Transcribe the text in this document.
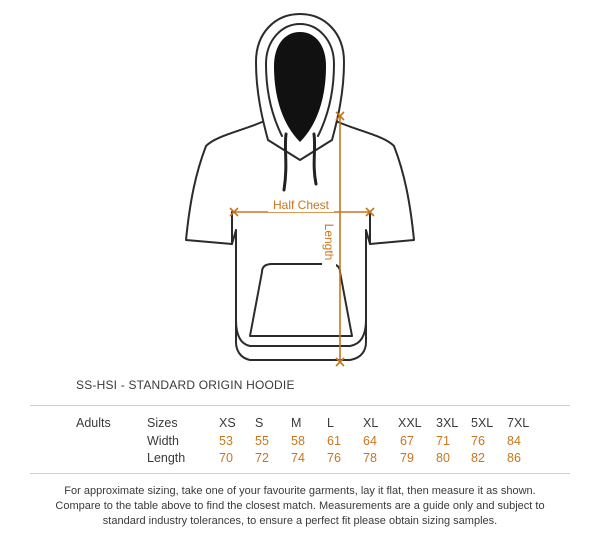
Half Chest
Length
SS-HSI - STANDARD ORIGIN HOODIE
Adults	Sizes	XS S M L XL XXL 3XL 5XL 7XL
Width	53 55 58 61 64 67 71 76 84
Length	70 72 74 76 78 79 80 82 86
For approximate sizing, take one of your favourite garments, lay it flat, then measure it as shown.
Compare to the table above to find the closest match. Measurements are a guide only and subject to
standard industry tolerances, to ensure a perfect fit please obtain sizing samples.
